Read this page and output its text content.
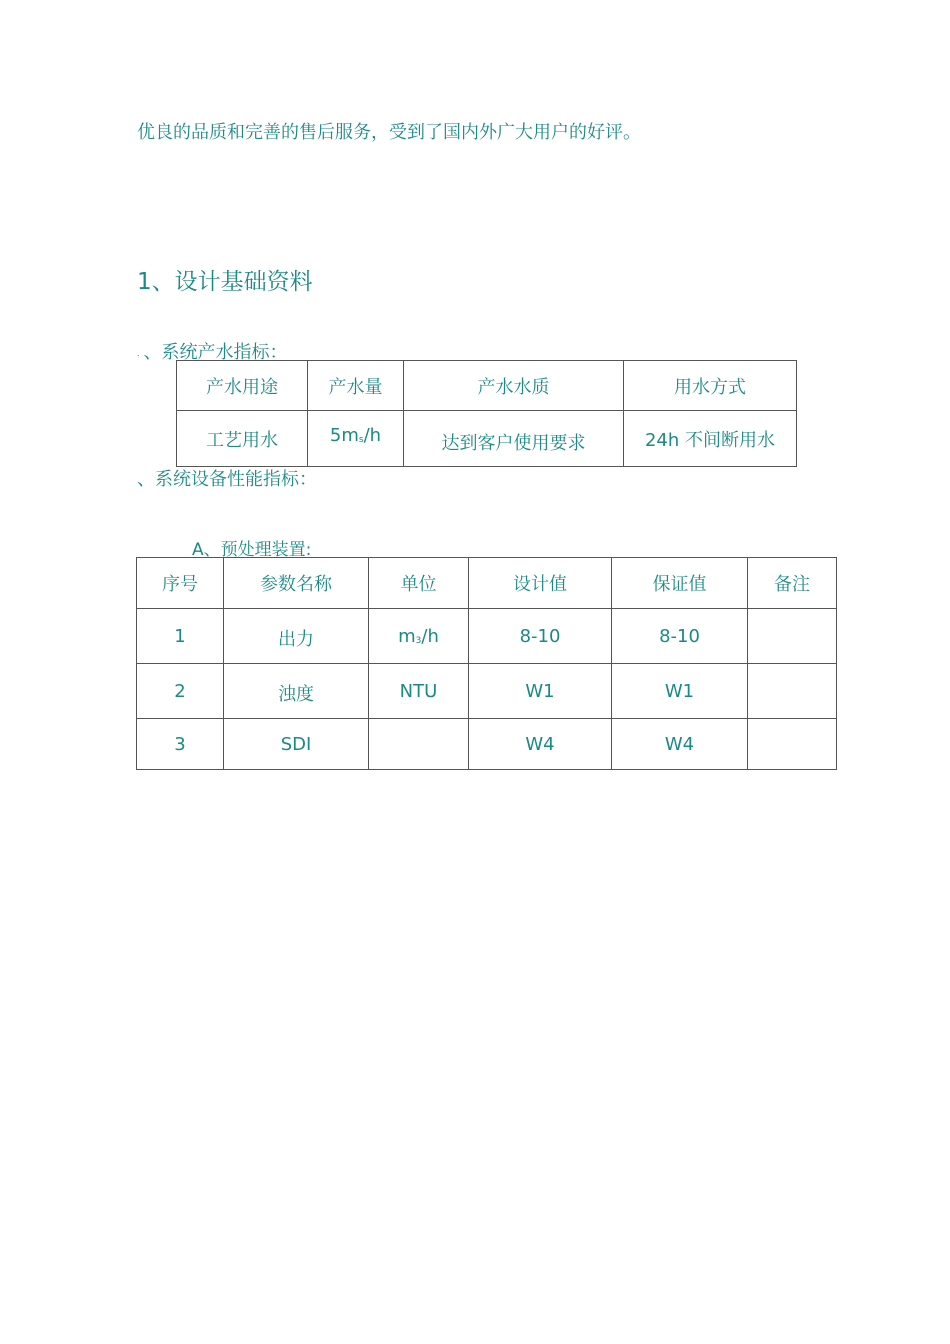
优良的品质和完善的售后服务，受到了国内外广大用户的好评。
1、设计基础资料
. 、系统产水指标：
产水用途	产水量	产水水质	用水方式
工艺用水	$5m_s/h$	达到客户使用要求	24h 不间断用水
、系统设备性能指标：
A、预处理装置:
序号	参数名称	单位	设计值	保证值	备注
1	出力	$m_3/h$	8-10	8-10	
2	浊度	NTU	W1	W1	
3	SDI		W4	W4	
